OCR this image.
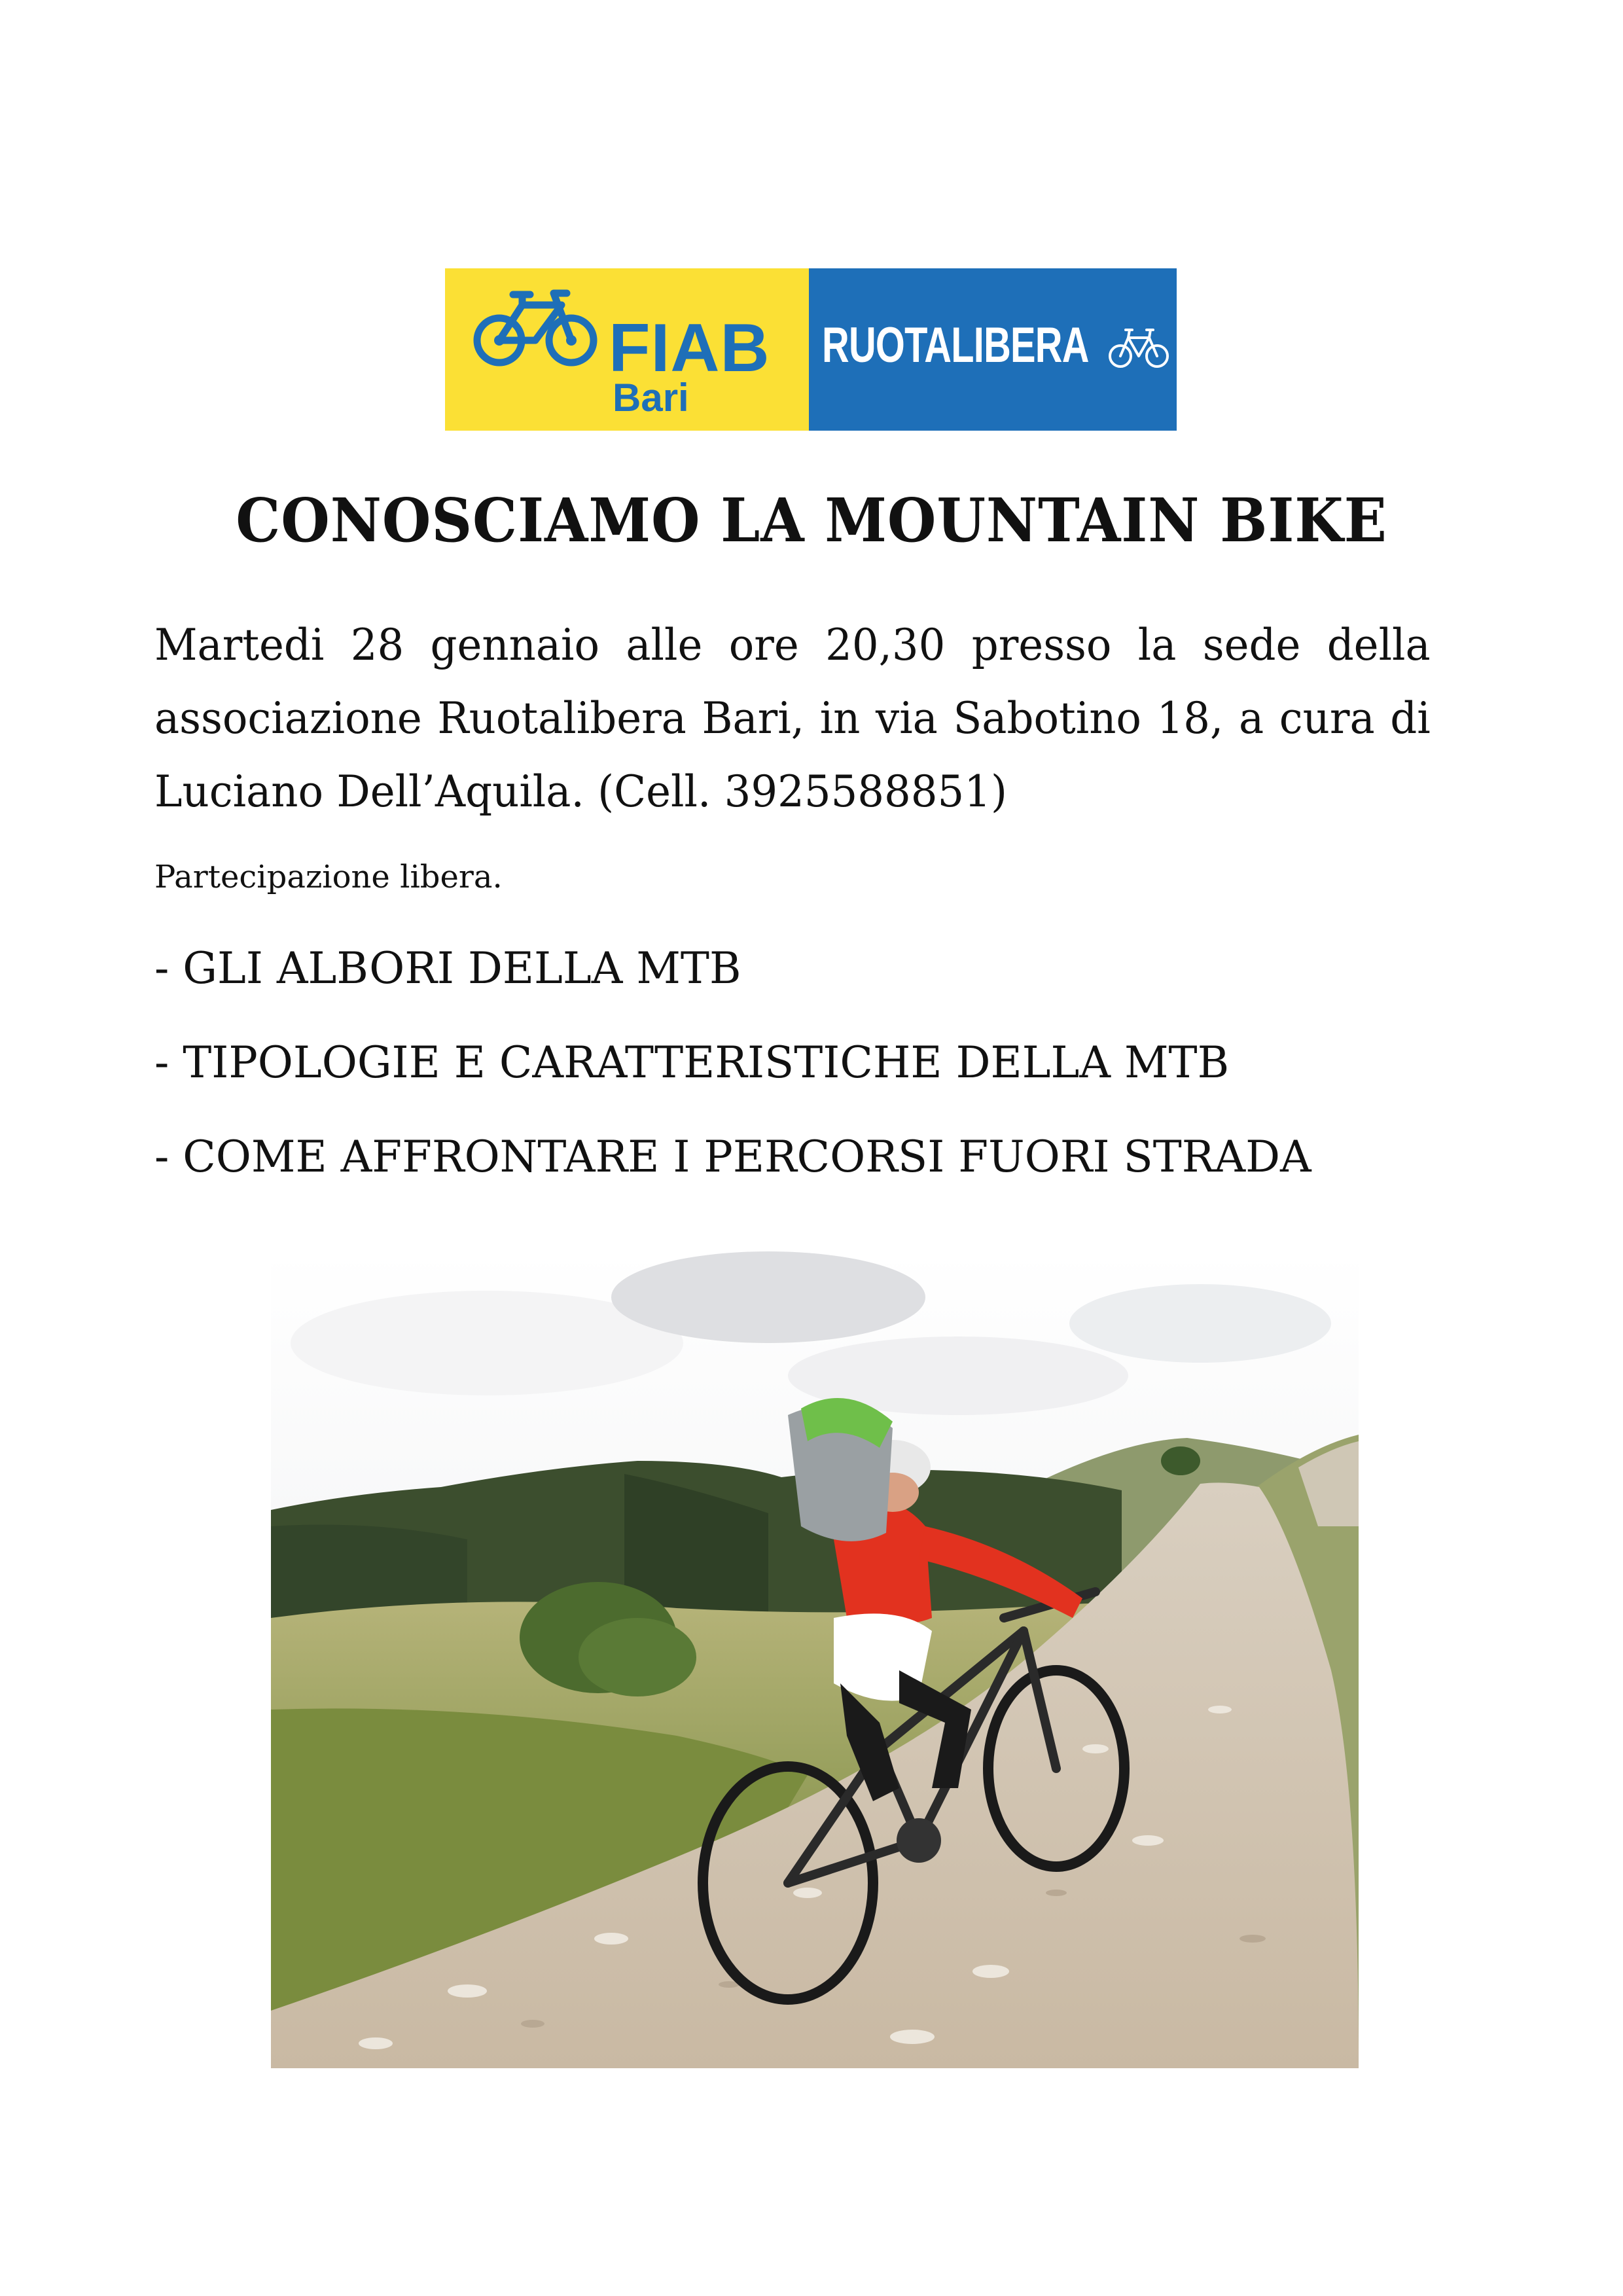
FIAB
Bari
RUOTALIBERA
CONOSCIAMO LA MOUNTAIN BIKE

Martedi 28 gennaio alle ore 20,30 presso la sede della associazione Ruotalibera Bari, in via Sabotino 18, a cura di Luciano Dell’Aquila. (Cell. 3925588851)

Partecipazione libera.
- GLI ALBORI DELLA MTB
- TIPOLOGIE E CARATTERISTICHE DELLA MTB
- COME AFFRONTARE I PERCORSI FUORI STRADA
